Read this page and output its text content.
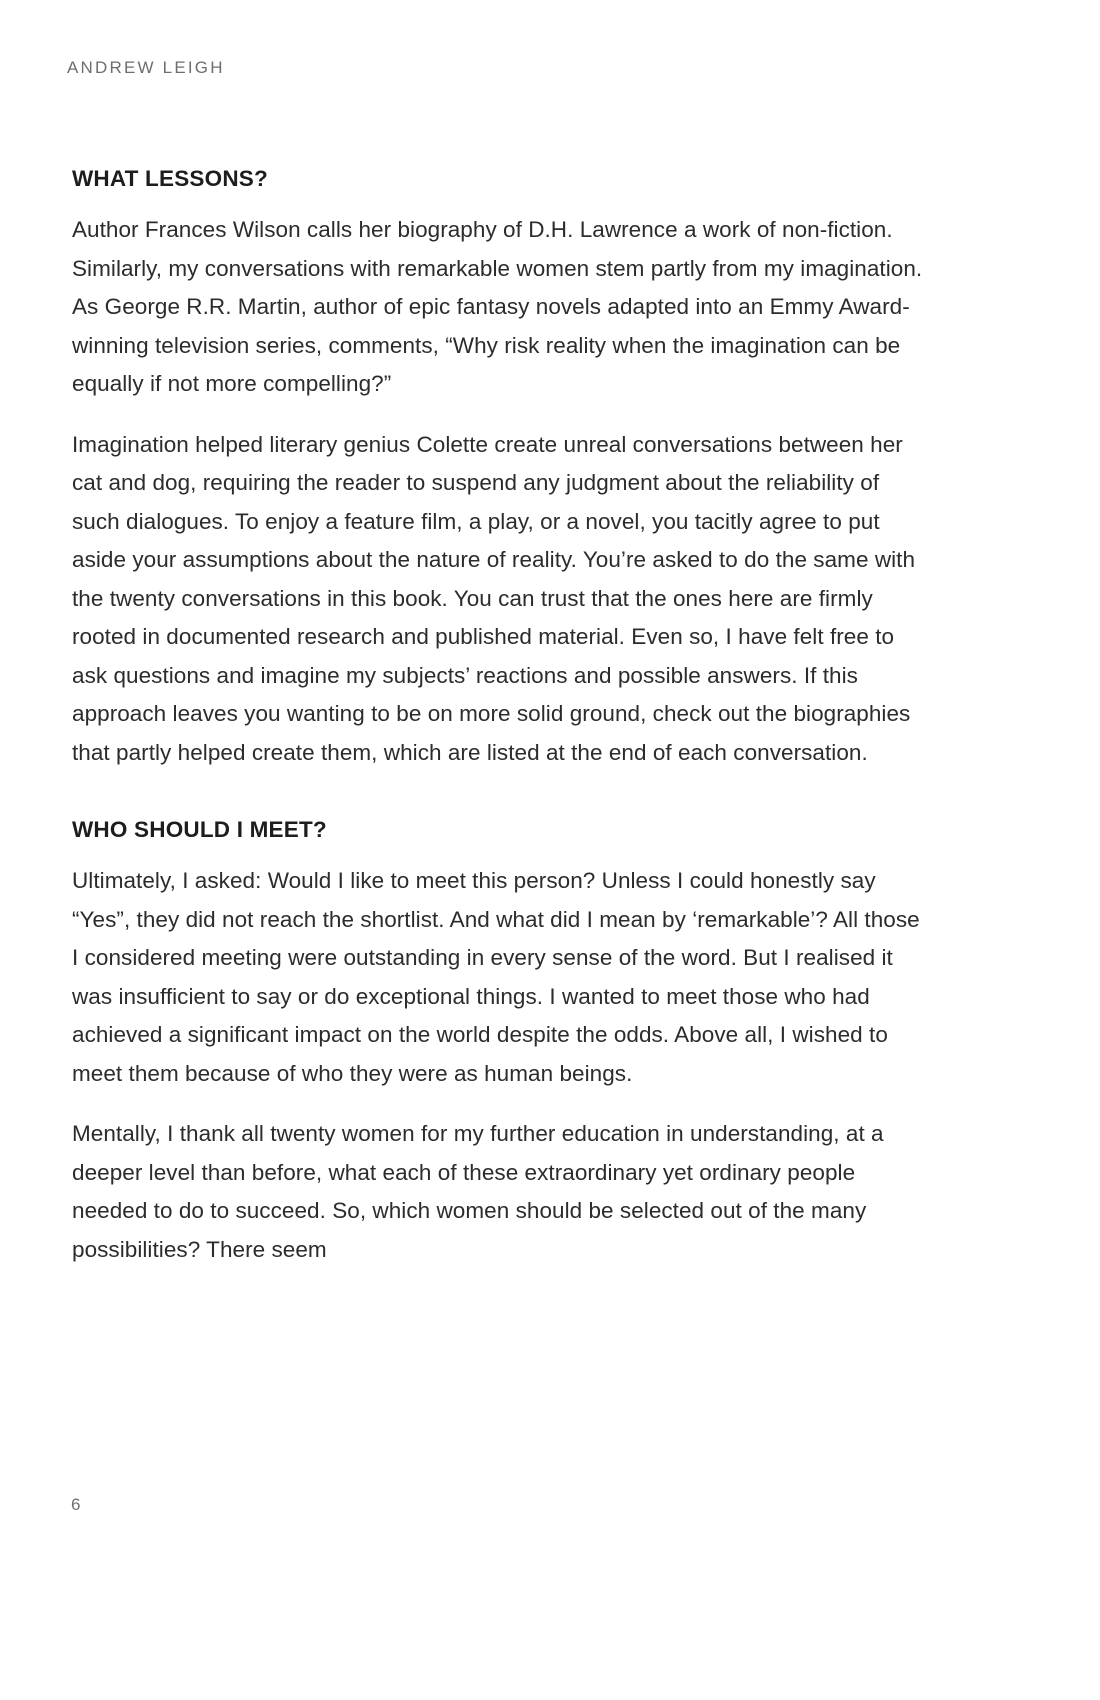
ANDREW LEIGH
WHAT LESSONS?

Author Frances Wilson calls her biography of D.H. Lawrence a work of non-fiction. Similarly, my conversations with remarkable women stem partly from my imagination. As George R.R. Martin, author of epic fantasy novels adapted into an Emmy Award-winning television series, comments, “Why risk reality when the imagination can be equally if not more compelling?”

Imagination helped literary genius Colette create unreal conversations between her cat and dog, requiring the reader to suspend any judgment about the reliability of such dialogues. To enjoy a feature film, a play, or a novel, you tacitly agree to put aside your assumptions about the nature of reality. You’re asked to do the same with the twenty conversations in this book. You can trust that the ones here are firmly rooted in documented research and published material. Even so, I have felt free to ask questions and imagine my subjects’ reactions and possible answers. If this approach leaves you wanting to be on more solid ground, check out the biographies that partly helped create them, which are listed at the end of each conversation.

WHO SHOULD I MEET?

Ultimately, I asked: Would I like to meet this person? Unless I could honestly say “Yes”, they did not reach the shortlist. And what did I mean by ‘remarkable’? All those I considered meeting were outstanding in every sense of the word. But I realised it was insufficient to say or do exceptional things. I wanted to meet those who had achieved a significant impact on the world despite the odds. Above all, I wished to meet them because of who they were as human beings.

Mentally, I thank all twenty women for my further education in understanding, at a deeper level than before, what each of these extraordinary yet ordinary people needed to do to succeed. So, which women should be selected out of the many possibilities? There seem

6
